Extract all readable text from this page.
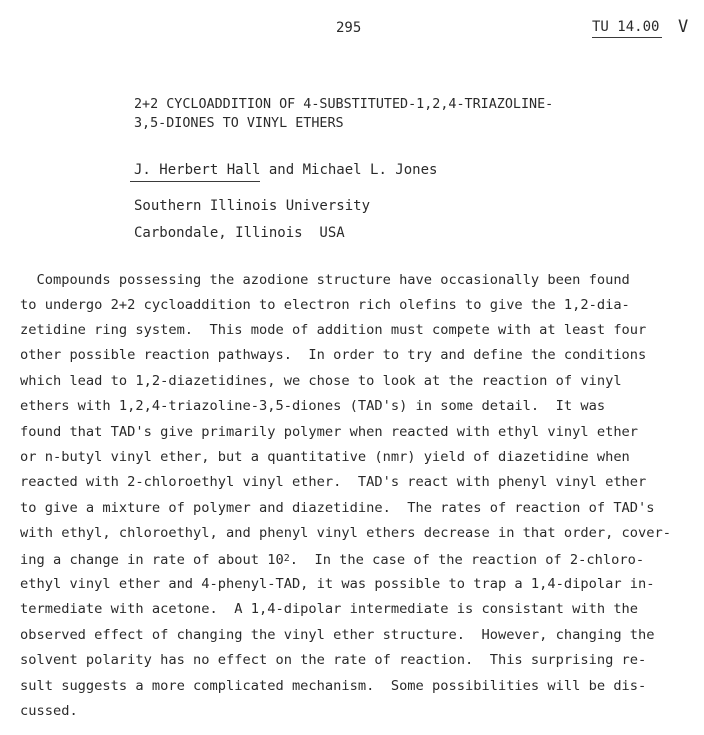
295	TU 14.00 V
2+2 CYCLOADDITION OF 4-SUBSTITUTED-1,2,4-TRIAZOLINE-
3,5-DIONES TO VINYL ETHERS
J. Herbert Hall and Michael L. Jones
Southern Illinois University
Carbondale, Illinois  USA
Compounds possessing the azodione structure have occasionally been found
to undergo 2+2 cycloaddition to electron rich olefins to give the 1,2-dia-
zetidine ring system.  This mode of addition must compete with at least four
other possible reaction pathways.  In order to try and define the conditions
which lead to 1,2-diazetidines, we chose to look at the reaction of vinyl
ethers with 1,2,4-triazoline-3,5-diones (TAD's) in some detail.  It was
found that TAD's give primarily polymer when reacted with ethyl vinyl ether
or n-butyl vinyl ether, but a quantitative (nmr) yield of diazetidine when
reacted with 2-chloroethyl vinyl ether.  TAD's react with phenyl vinyl ether
to give a mixture of polymer and diazetidine.  The rates of reaction of TAD's
with ethyl, chloroethyl, and phenyl vinyl ethers decrease in that order, cover-
ing a change in rate of about $10^2$.  In the case of the reaction of 2-chloro-
ethyl vinyl ether and 4-phenyl-TAD, it was possible to trap a 1,4-dipolar in-
termediate with acetone.  A 1,4-dipolar intermediate is consistant with the
observed effect of changing the vinyl ether structure.  However, changing the
solvent polarity has no effect on the rate of reaction.  This surprising re-
sult suggests a more complicated mechanism.  Some possibilities will be dis-
cussed.
